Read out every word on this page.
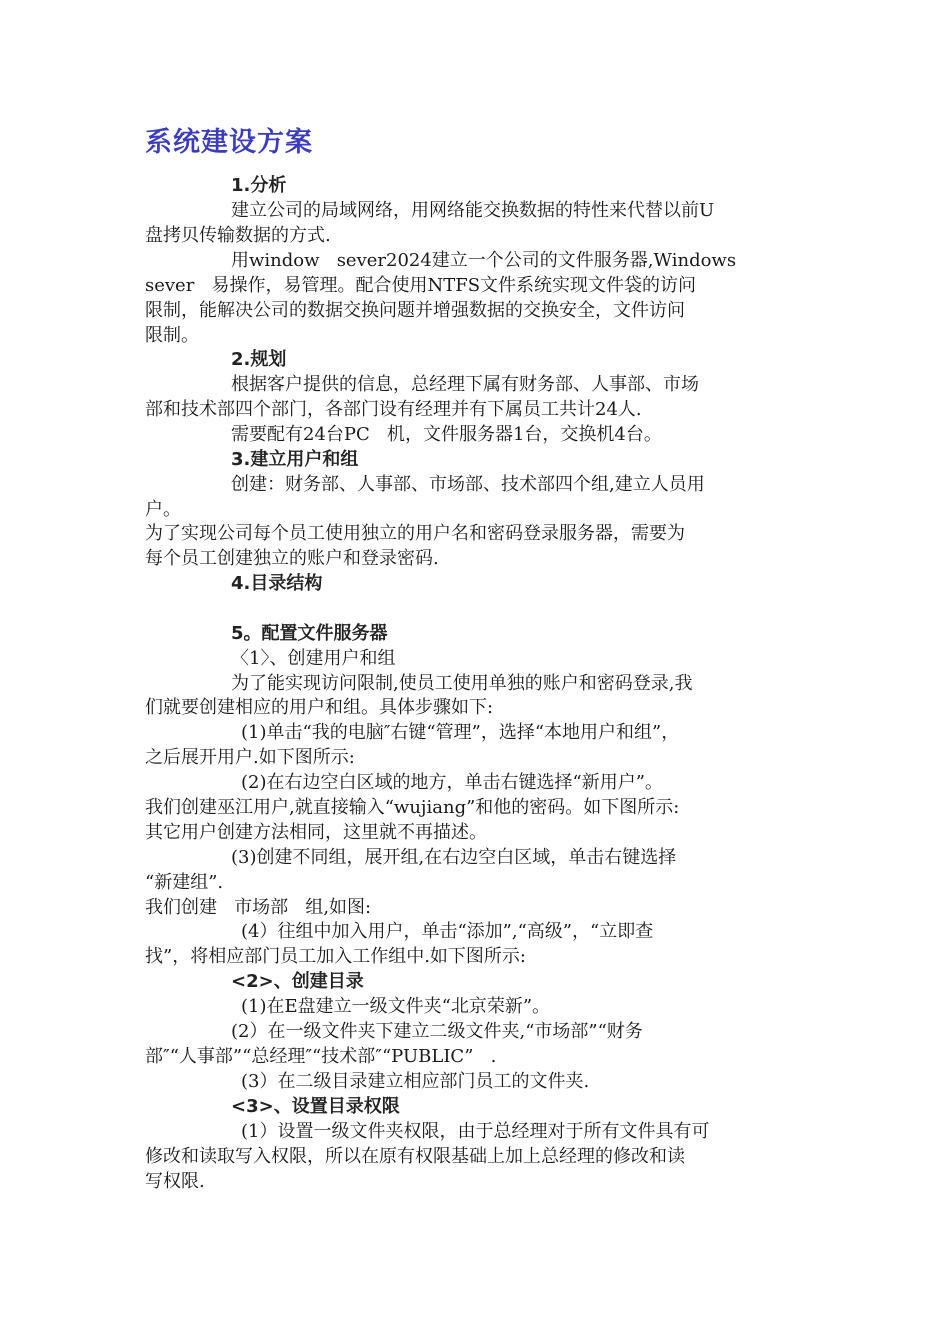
系统建设方案
1.分析
建立公司的局域网络，用网络能交换数据的特性来代替以前U
盘拷贝传输数据的方式.
用window   sever2024建立一个公司的文件服务器,Windows
sever   易操作，易管理。配合使用NTFS文件系统实现文件袋的访问
限制，能解决公司的数据交换问题并增强数据的交换安全，文件访问
限制。
2.规划
根据客户提供的信息，总经理下属有财务部、人事部、市场
部和技术部四个部门，各部门设有经理并有下属员工共计24人.
需要配有24台PC   机，文件服务器1台，交换机4台。
3.建立用户和组
创建：财务部、人事部、市场部、技术部四个组,建立人员用
户。
为了实现公司每个员工使用独立的用户名和密码登录服务器，需要为
每个员工创建独立的账户和登录密码.
4.目录结构
5。配置文件服务器
〈1〉、创建用户和组
为了能实现访问限制,使员工使用单独的账户和密码登录,我
们就要创建相应的用户和组。具体步骤如下:
(1)单击“我的电脑″右键“管理”，选择“本地用户和组”，
之后展开用户.如下图所示:
(2)在右边空白区域的地方，单击右键选择“新用户”。
我们创建巫江用户,就直接输入“wujiang”和他的密码。如下图所示:
其它用户创建方法相同，这里就不再描述。
(3)创建不同组，展开组,在右边空白区域，单击右键选择
“新建组”.
我们创建   市场部   组,如图:
(4）往组中加入用户，单击“添加”,“高级”，“立即查
找”，将相应部门员工加入工作组中.如下图所示:
<2>、创建目录
(1)在E盘建立一级文件夹“北京荣新”。
(2）在一级文件夹下建立二级文件夹,“市场部”“财务
部″“人事部”“总经理″“技术部″“PUBLIC”   .
(3）在二级目录建立相应部门员工的文件夹.
<3>、设置目录权限
(1）设置一级文件夹权限，由于总经理对于所有文件具有可
修改和读取写入权限，所以在原有权限基础上加上总经理的修改和读
写权限.
